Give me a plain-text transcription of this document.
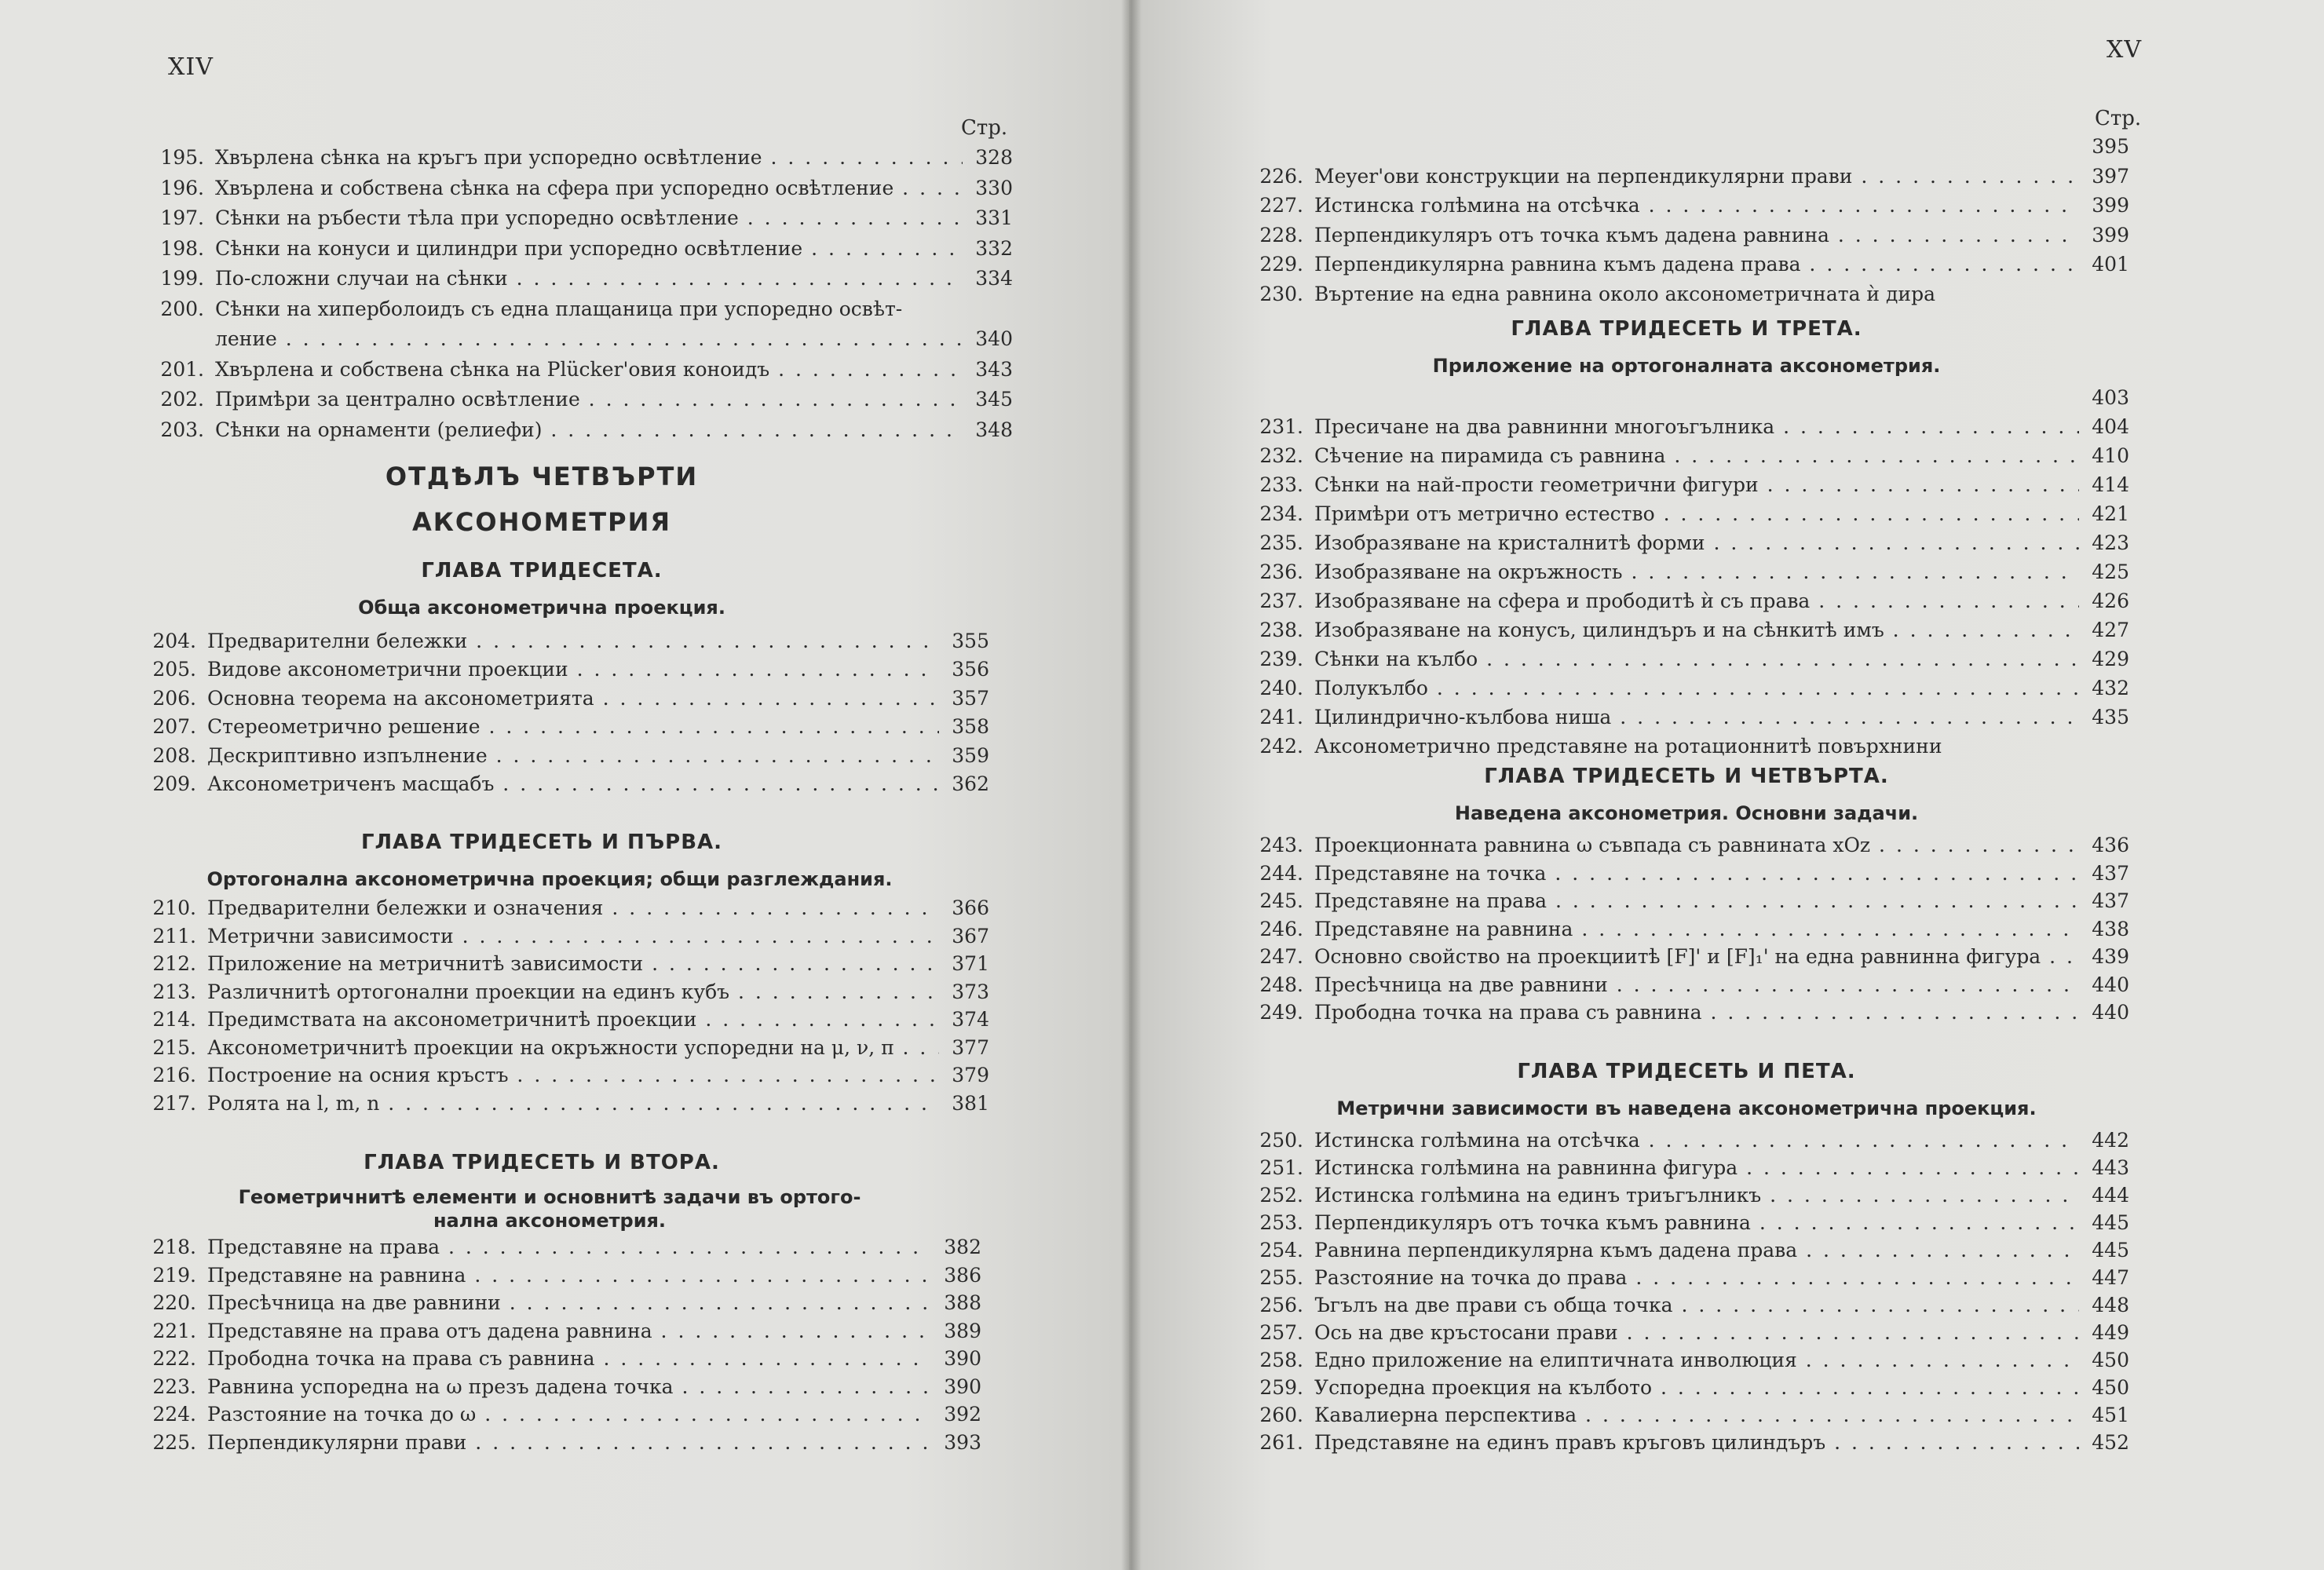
XIV
Стр.
195. Хвърлена сѣнка на кръгъ при успоредно освѣтление . . .	328
196. Хвърлена и собствена сѣнка на сфера при успоредно освѣтление . . .	330
197. Сѣнки на ръбести тѣла при успоредно освѣтление . . .	331
198. Сѣнки на конуси и цилиндри при успоредно освѣтление . . .	332
199. По-сложни случаи на сѣнки . . .	334
200. Сѣнки на хиперболоидъ съ една плащаница при успоредно освѣт-
ление . . .	340
201. Хвърлена и собствена сѣнка на Plücker'овия коноидъ . . .	343
202. Примѣри за централно освѣтление . . .	345
203. Сѣнки на орнаменти (релиефи) . . .	348
ОТДѢЛЪ ЧЕТВЪРТИ
АКСОНОМЕТРИЯ
ГЛАВА ТРИДЕСЕТА.
Обща аксонометрична проекция.
204. Предварителни бележки . . .	355
205. Видове аксонометрични проекции . . .	356
206. Основна теорема на аксонометрията . . .	357
207. Стереометрично решение . . .	358
208. Дескриптивно изпълнение . . .	359
209. Аксонометриченъ масщабъ . . .	362
ГЛАВА ТРИДЕСЕТЬ И ПЪРВА.
Ортогонална аксонометрична проекция; общи разглеждания.
210. Предварителни бележки и означения . . .	366
211. Метрични зависимости . . .	367
212. Приложение на метричнитѣ зависимости . . .	371
213. Различнитѣ ортогонални проекции на единъ кубъ . . .	373
214. Предимствата на аксонометричнитѣ проекции . . .	374
215. Аксонометричнитѣ проекции на окръжности успоредни на μ, ν, π . . .	377
216. Построение на осния кръстъ . . .	379
217. Ролята на l, m, n . . .	381
ГЛАВА ТРИДЕСЕТЬ И ВТОРА.
Геометричнитѣ елементи и основнитѣ задачи въ ортого-
нална аксонометрия.
218. Представяне на права . . .	382
219. Представяне на равнина . . .	386
220. Пресѣчница на две равнини . . .	388
221. Представяне на права отъ дадена равнина . . .	389
222. Прободна точка на права съ равнина . . .	390
223. Равнина успоредна на ω презъ дадена точка . . .	390
224. Разстояние на точка до ω . . .	392
225. Перпендикулярни прави . . .	393
XV
Стр.
395
226. Meyer'ови конструкции на перпендикулярни прави . . .	397
227. Истинска голѣмина на отсѣчка . . .	399
228. Перпендикуляръ отъ точка къмъ дадена равнина . . .	399
229. Перпендикулярна равнина къмъ дадена права . . .	401
230. Въртение на една равнина около аксонометричната ѝ дира
ГЛАВА ТРИДЕСЕТЬ И ТРЕТА.
Приложение на ортогоналната аксонометрия.
403
231. Пресичане на два равнинни многоъгълника . . .	404
232. Сѣчение на пирамида съ равнина . . .	410
233. Сѣнки на най-прости геометрични фигури . . .	414
234. Примѣри отъ метрично естество . . .	421
235. Изобразяване на кристалнитѣ форми . . .	423
236. Изобразяване на окръжность . . .	425
237. Изобразяване на сфера и прободитѣ ѝ съ права . . .	426
238. Изобразяване на конусъ, цилиндъръ и на сѣнкитѣ имъ . . .	427
239. Сѣнки на кълбо . . .	429
240. Полукълбо . . .	432
241. Цилиндрично-кълбова ниша . . .	435
242. Аксонометрично представяне на ротационнитѣ повърхнини
ГЛАВА ТРИДЕСЕТЬ И ЧЕТВЪРТА.
Наведена аксонометрия. Основни задачи.
243. Проекционната равнина ω съвпада съ равнината xOz . . .	436
244. Представяне на точка . . .	437
245. Представяне на права . . .	437
246. Представяне на равнина . . .	438
247. Основно свойство на проекциитѣ [F]' и [F]₁' на една равнинна фигура . . .	439
248. Пресѣчница на две равнини . . .	440
249. Прободна точка на права съ равнина . . .	440
ГЛАВА ТРИДЕСЕТЬ И ПЕТА.
Метрични зависимости въ наведена аксонометрична проекция.
250. Истинска голѣмина на отсѣчка . . .	442
251. Истинска голѣмина на равнинна фигура . . .	443
252. Истинска голѣмина на единъ триъгълникъ . . .	444
253. Перпендикуляръ отъ точка къмъ равнина . . .	445
254. Равнина перпендикулярна къмъ дадена права . . .	445
255. Разстояние на точка до права . . .	447
256. Ъгълъ на две прави съ обща точка . . .	448
257. Ось на две кръстосани прави . . .	449
258. Едно приложение на елиптичната инволюция . . .	450
259. Успоредна проекция на кълбото . . .	450
260. Кавалиерна перспектива . . .	451
261. Представяне на единъ правъ кръговъ цилиндъръ . . .	452
